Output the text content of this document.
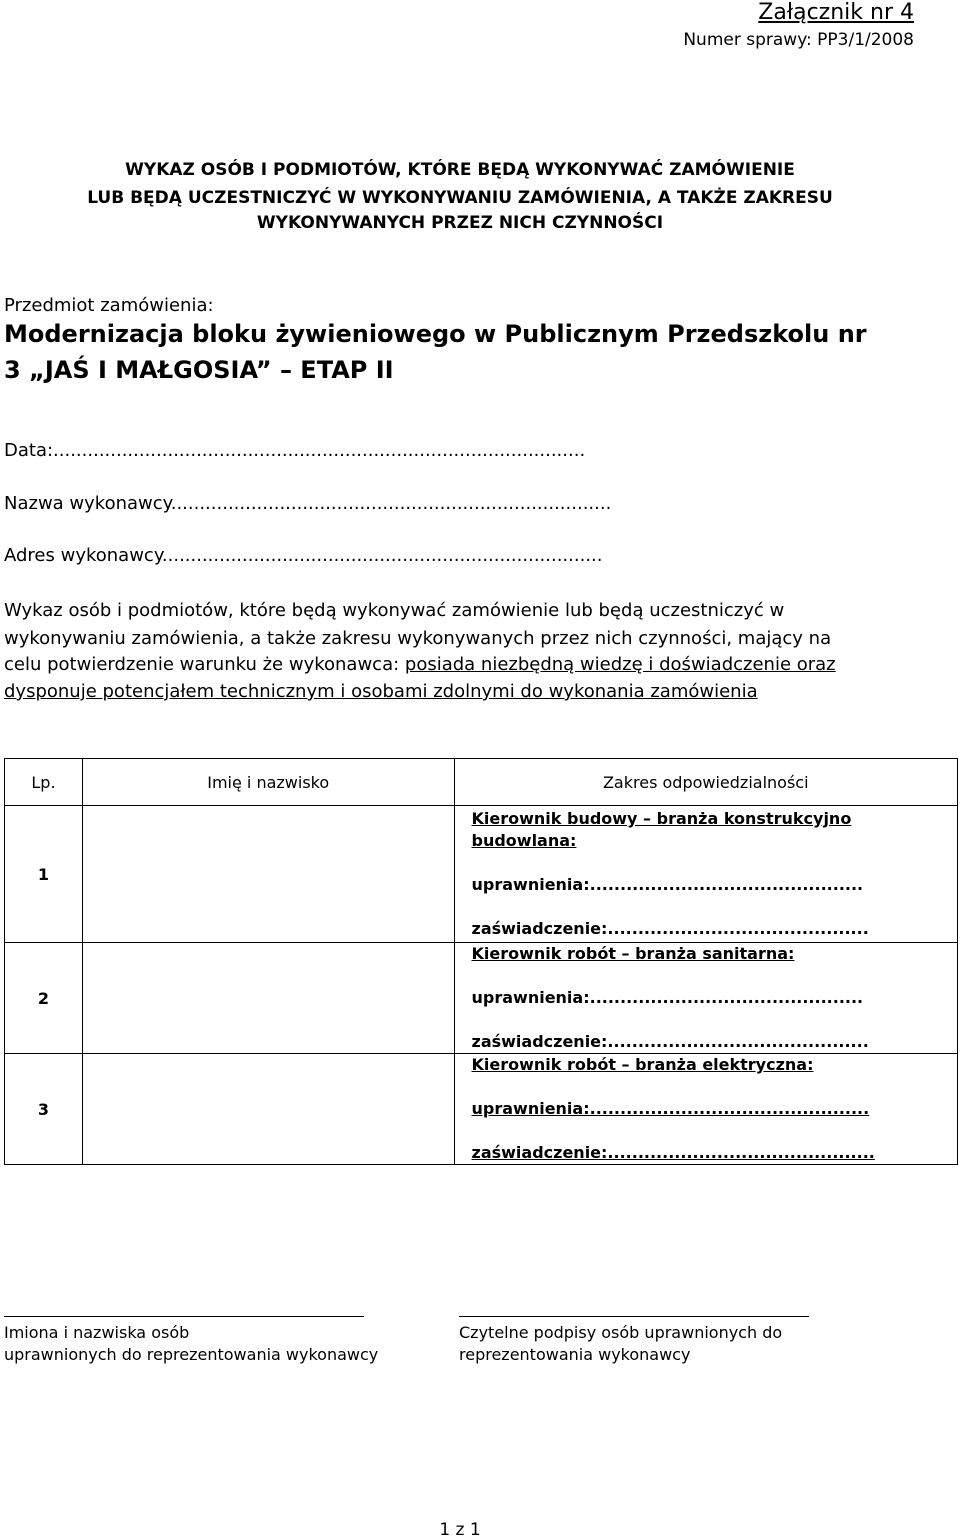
Załącznik nr 4
Numer sprawy: PP3/1/2008
WYKAZ OSÓB I PODMIOTÓW, KTÓRE BĘDĄ WYKONYWAĆ ZAMÓWIENIE
LUB BĘDĄ UCZESTNICZYĆ W WYKONYWANIU ZAMÓWIENIA, A TAKŻE ZAKRESU
WYKONYWANYCH PRZEZ NICH CZYNNOŚCI
Przedmiot zamówienia:
Modernizacja bloku żywieniowego w Publicznym Przedszkolu nr
3 „JAŚ I MAŁGOSIA” – ETAP II
Data:.............................................................................................
Nazwa wykonawcy.............................................................................
Adres wykonawcy.............................................................................
Wykaz osób i podmiotów, które będą wykonywać zamówienie lub będą uczestniczyć w
wykonywaniu zamówienia, a także zakresu wykonywanych przez nich czynności, mający na
celu potwierdzenie warunku że wykonawca: posiada niezbędną wiedzę i doświadczenie oraz
dysponuje potencjałem technicznym i osobami zdolnymi do wykonania zamówienia
Lp.	Imię i nazwisko	Zakres odpowiedzialności
1		Kierownik budowy – branża konstrukcyjno
budowlana:
uprawnienia:.............................................
zaświadczenie:...........................................

2		Kierownik robót – branża sanitarna:
uprawnienia:.............................................
zaświadczenie:...........................................

3		Kierownik robót – branża elektryczna:
uprawnienia:..............................................
zaświadczenie:............................................
Imiona i nazwiska osób
uprawnionych do reprezentowania wykonawcy
Czytelne podpisy osób uprawnionych do
reprezentowania wykonawcy
1 z 1
